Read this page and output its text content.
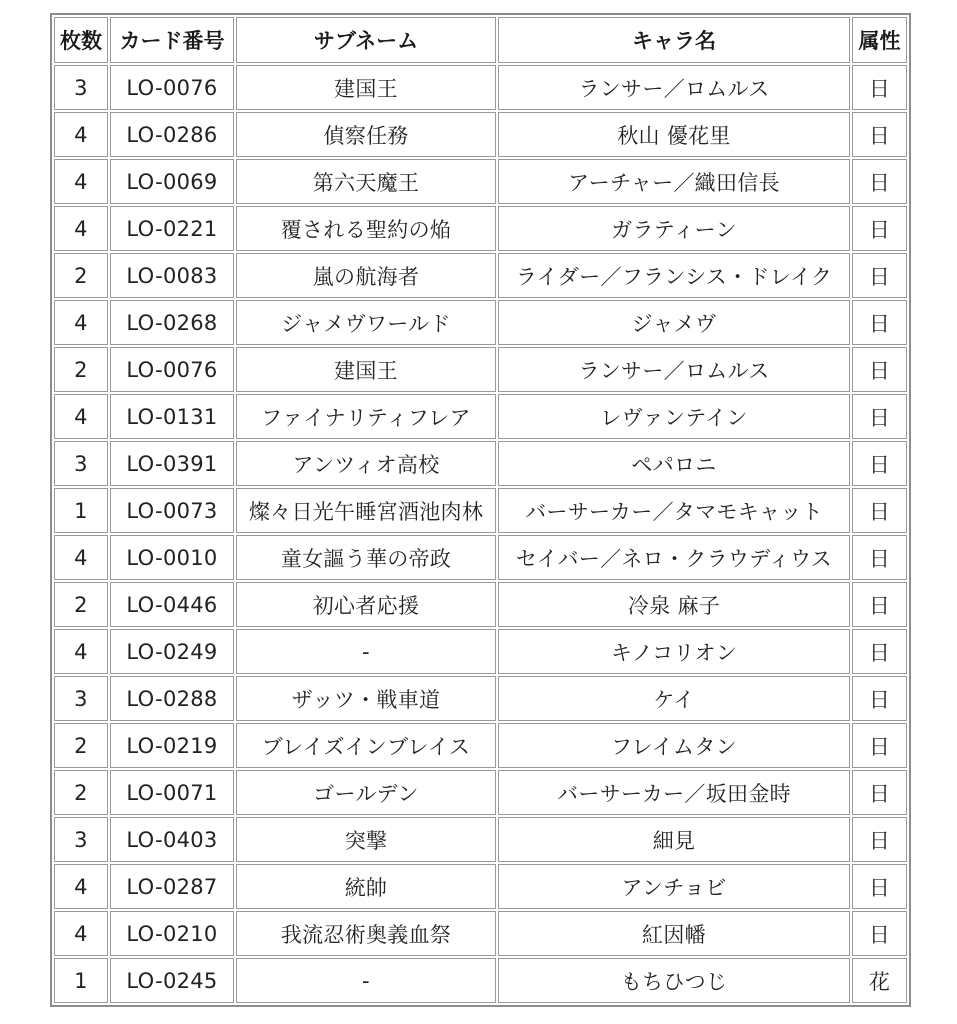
枚数	カード番号	サブネーム	キャラ名	属性
3	LO-0076	建国王	ランサー／ロムルス	日
4	LO-0286	偵察任務	秋山 優花里	日
4	LO-0069	第六天魔王	アーチャー／織田信長	日
4	LO-0221	覆される聖約の焔	ガラティーン	日
2	LO-0083	嵐の航海者	ライダー／フランシス・ドレイク	日
4	LO-0268	ジャメヴワールド	ジャメヴ	日
2	LO-0076	建国王	ランサー／ロムルス	日
4	LO-0131	ファイナリティフレア	レヴァンテイン	日
3	LO-0391	アンツィオ高校	ペパロニ	日
1	LO-0073	燦々日光午睡宮酒池肉林	バーサーカー／タマモキャット	日
4	LO-0010	童女謳う華の帝政	セイバー／ネロ・クラウディウス	日
2	LO-0446	初心者応援	冷泉 麻子	日
4	LO-0249	-	キノコリオン	日
3	LO-0288	ザッツ・戦車道	ケイ	日
2	LO-0219	ブレイズインブレイス	フレイムタン	日
2	LO-0071	ゴールデン	バーサーカー／坂田金時	日
3	LO-0403	突撃	細見	日
4	LO-0287	統帥	アンチョビ	日
4	LO-0210	我流忍術奥義血祭	紅因幡	日
1	LO-0245	-	もちひつじ	花
